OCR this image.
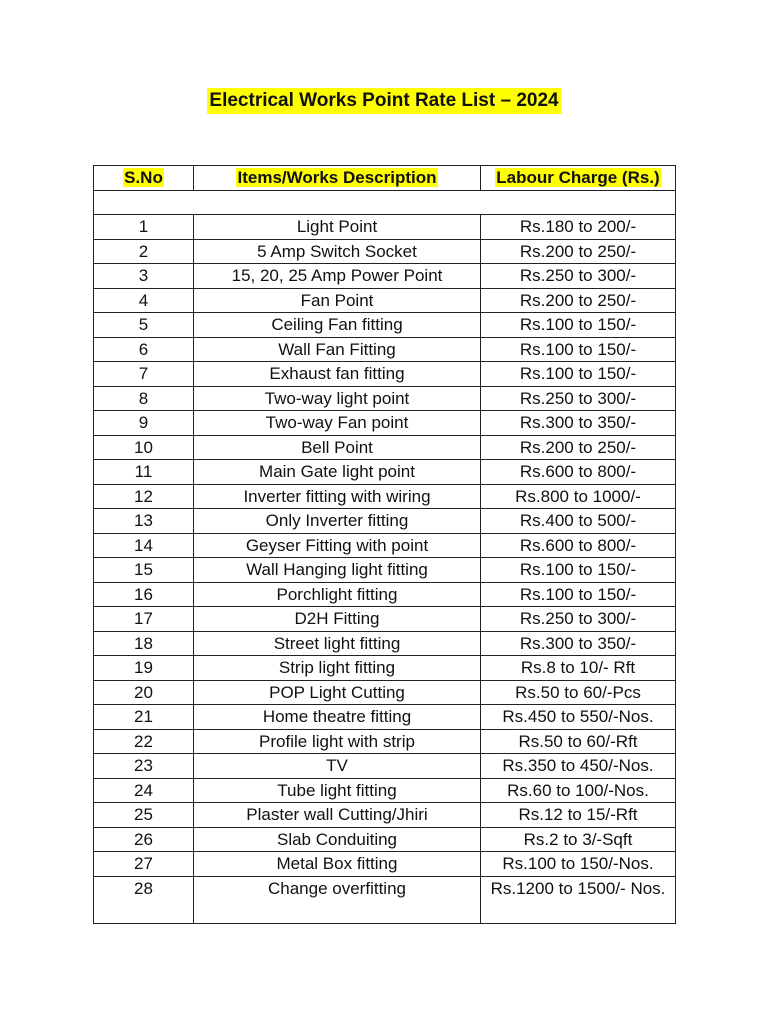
Electrical Works Point Rate List – 2024
S.No	Items/Works Description	Labour Charge (Rs.)

1	Light Point	Rs.180 to 200/-
2	5 Amp Switch Socket	Rs.200 to 250/-
3	15, 20, 25 Amp Power Point	Rs.250 to 300/-
4	Fan Point	Rs.200 to 250/-
5	Ceiling Fan fitting	Rs.100 to 150/-
6	Wall Fan Fitting	Rs.100 to 150/-
7	Exhaust fan fitting	Rs.100 to 150/-
8	Two-way light point	Rs.250 to 300/-
9	Two-way Fan point	Rs.300 to 350/-
10	Bell Point	Rs.200 to 250/-
11	Main Gate light point	Rs.600 to 800/-
12	Inverter fitting with wiring	Rs.800 to 1000/-
13	Only Inverter fitting	Rs.400 to 500/-
14	Geyser Fitting with point	Rs.600 to 800/-
15	Wall Hanging light fitting	Rs.100 to 150/-
16	Porchlight fitting	Rs.100 to 150/-
17	D2H Fitting	Rs.250 to 300/-
18	Street light fitting	Rs.300 to 350/-
19	Strip light fitting	Rs.8 to 10/- Rft
20	POP Light Cutting	Rs.50 to 60/-Pcs
21	Home theatre fitting	Rs.450 to 550/-Nos.
22	Profile light with strip	Rs.50 to 60/-Rft
23	TV	Rs.350 to 450/-Nos.
24	Tube light fitting	Rs.60 to 100/-Nos.
25	Plaster wall Cutting/Jhiri	Rs.12 to 15/-Rft
26	Slab Conduiting	Rs.2 to 3/-Sqft
27	Metal Box fitting	Rs.100 to 150/-Nos.
28	Change overfitting	Rs.1200 to 1500/- Nos.
